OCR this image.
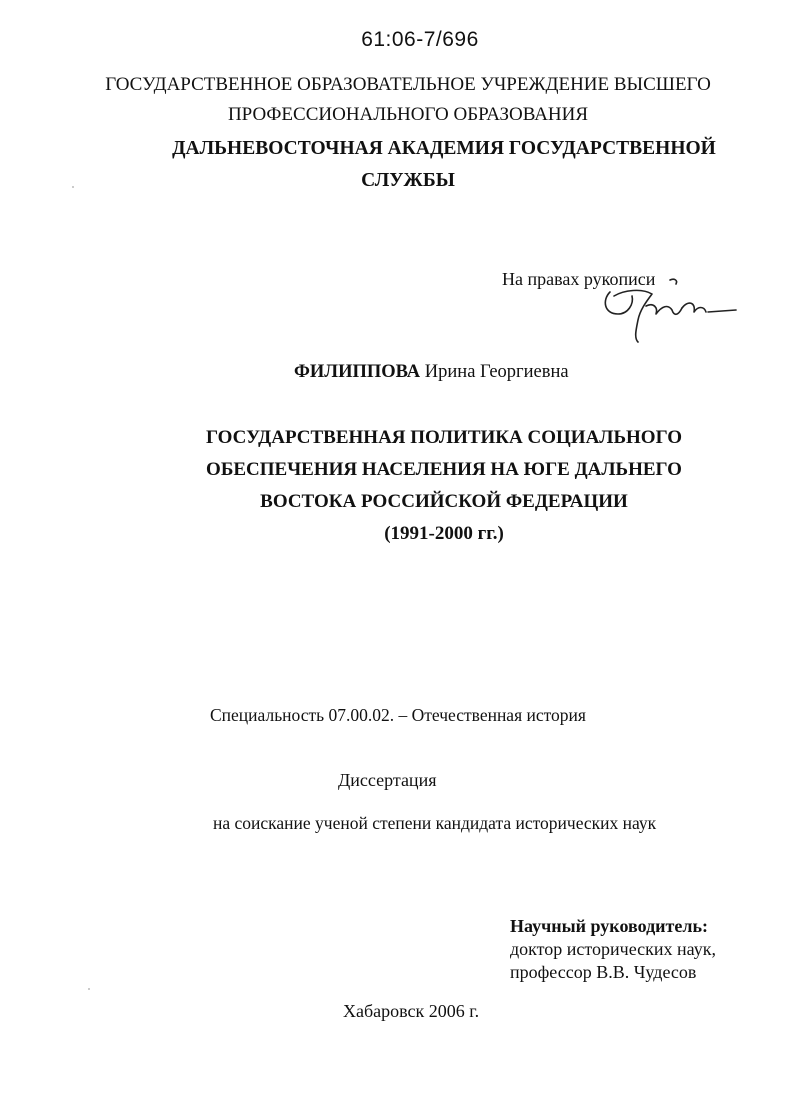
61:06-7/696
ГОСУДАРСТВЕННОЕ ОБРАЗОВАТЕЛЬНОЕ УЧРЕЖДЕНИЕ ВЫСШЕГО
ПРОФЕССИОНАЛЬНОГО ОБРАЗОВАНИЯ
ДАЛЬНЕВОСТОЧНАЯ АКАДЕМИЯ ГОСУДАРСТВЕННОЙ
СЛУЖБЫ
На правах рукописи
ФИЛИППОВА Ирина Георгиевна
ГОСУДАРСТВЕННАЯ ПОЛИТИКА СОЦИАЛЬНОГО
ОБЕСПЕЧЕНИЯ НАСЕЛЕНИЯ НА ЮГЕ ДАЛЬНЕГО
ВОСТОКА РОССИЙСКОЙ ФЕДЕРАЦИИ
(1991-2000 гг.)
Специальность 07.00.02. – Отечественная история
Диссертация
на соискание ученой степени кандидата исторических наук
Научный руководитель:
доктор исторических наук,
профессор В.В. Чудесов
Хабаровск 2006 г.
